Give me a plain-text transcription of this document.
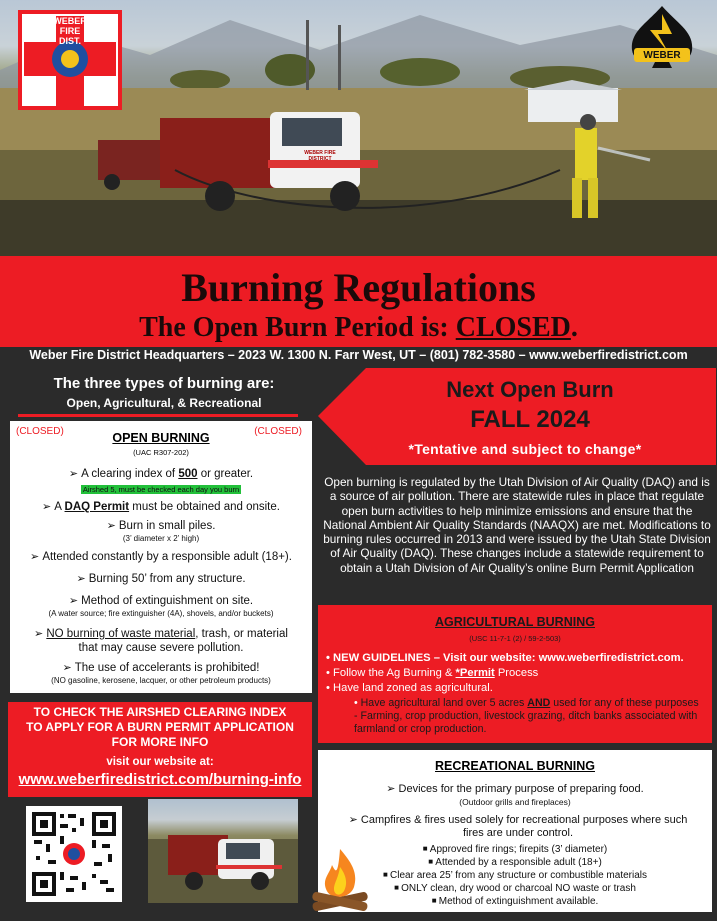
WEBER FIRE DIST.
WEBER
WEBER FIRE DISTRICT
Burning Regulations
The Open Burn Period is: CLOSED.
Weber Fire District Headquarters – 2023 W. 1300 N. Farr West, UT – (801) 782-3580 – www.weberfiredistrict.com
The three types of burning are:
Open, Agricultural, & Recreational
(CLOSED)	(CLOSED)
OPEN BURNING
(UAC R307-202)
➢ A clearing index of 500 or greater.
Airshed 5, must be checked each day you burn
➢ A DAQ Permit must be obtained and onsite.
➢ Burn in small piles.
(3’ diameter x 2’ high)
➢ Attended constantly by a responsible adult (18+).
➢ Burning 50’ from any structure.
➢ Method of extinguishment on site.
(A water source; fire extinguisher (4A), shovels, and/or buckets)
➢ NO burning of waste material, trash, or material that may cause severe pollution.
➢ The use of accelerants is prohibited!
(NO gasoline, kerosene, lacquer, or other petroleum products)
TO CHECK THE AIRSHED CLEARING INDEX
TO APPLY FOR A BURN PERMIT APPLICATION
FOR MORE INFO
visit our website at:
www.weberfiredistrict.com/burning-info
Next Open Burn
FALL 2024
*Tentative and subject to change*
Open burning is regulated by the Utah Division of Air Quality (DAQ) and is a source of air pollution. There are statewide rules in place that regulate open burn activities to help minimize emissions and ensure that the National Ambient Air Quality Standards (NAAQX) are met. Modifications to burning rules occurred in 2013 and were issued by the Utah State Division of Air Quality (DAQ). These changes include a statewide requirement to obtain a Utah Division of Air Quality’s online Burn Permit Application
AGRICULTURAL BURNING
(USC 11-7-1 (2) / 59-2-503)
• NEW GUIDELINES – Visit our website: www.weberfiredistrict.com.
• Follow the Ag Burning & *Permit Process
• Have land zoned as agricultural.
• Have agricultural land over 5 acres AND used for any of these purposes - Farming, crop production, livestock grazing, ditch banks associated with farmland or crop production.
RECREATIONAL BURNING
➢ Devices for the primary purpose of preparing food.
(Outdoor grills and fireplaces)
➢ Campfires & fires used solely for recreational purposes where such fires are under control.
■ Approved fire rings; firepits (3’ diameter)
■ Attended by a responsible adult (18+)
■ Clear area 25’ from any structure or combustible materials
■ ONLY clean, dry wood or charcoal NO waste or trash
■ Method of extinguishment available.
